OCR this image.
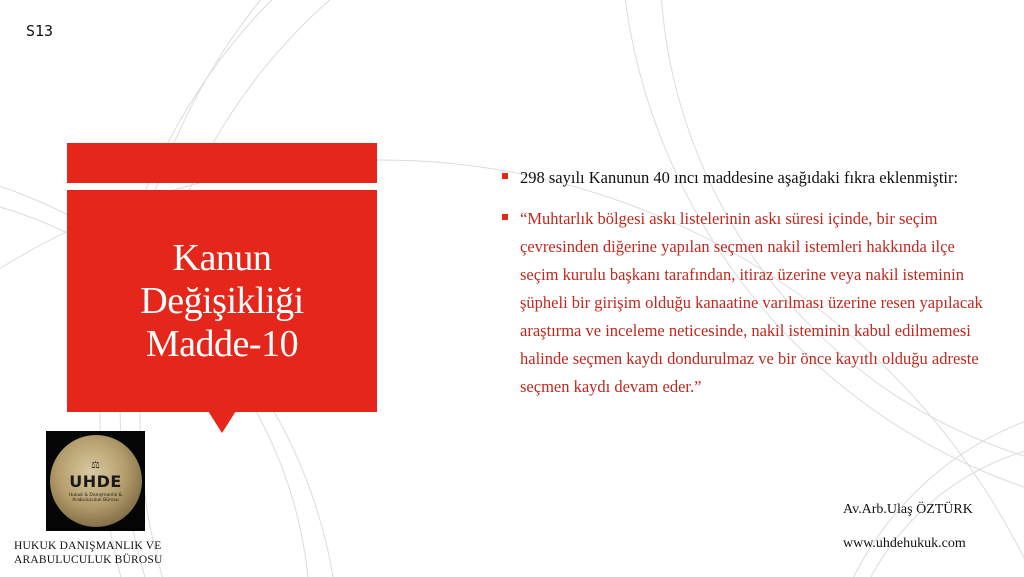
S13
Kanun
Değişikliği
Madde-10
⚖
UHDE
Hukuk & Danışmanlık & Arabuluculuk Bürosu
HUKUK DANIŞMANLIK VE
ARABULUCULUK BÜROSU
298 sayılı Kanunun 40 ıncı maddesine aşağıdaki fıkra eklenmiştir:
“Muhtarlık bölgesi askı listelerinin askı süresi içinde, bir seçim çevresinden diğerine yapılan seçmen nakil istemleri hakkında ilçe seçim kurulu başkanı tarafından, itiraz üzerine veya nakil isteminin şüpheli bir girişim olduğu kanaatine varılması üzerine resen yapılacak araştırma ve inceleme neticesinde, nakil isteminin kabul edilmemesi halinde seçmen kaydı dondurulmaz ve bir önce kayıtlı olduğu adreste seçmen kaydı devam eder.”
Av.Arb.Ulaş ÖZTÜRK
www.uhdehukuk.com
